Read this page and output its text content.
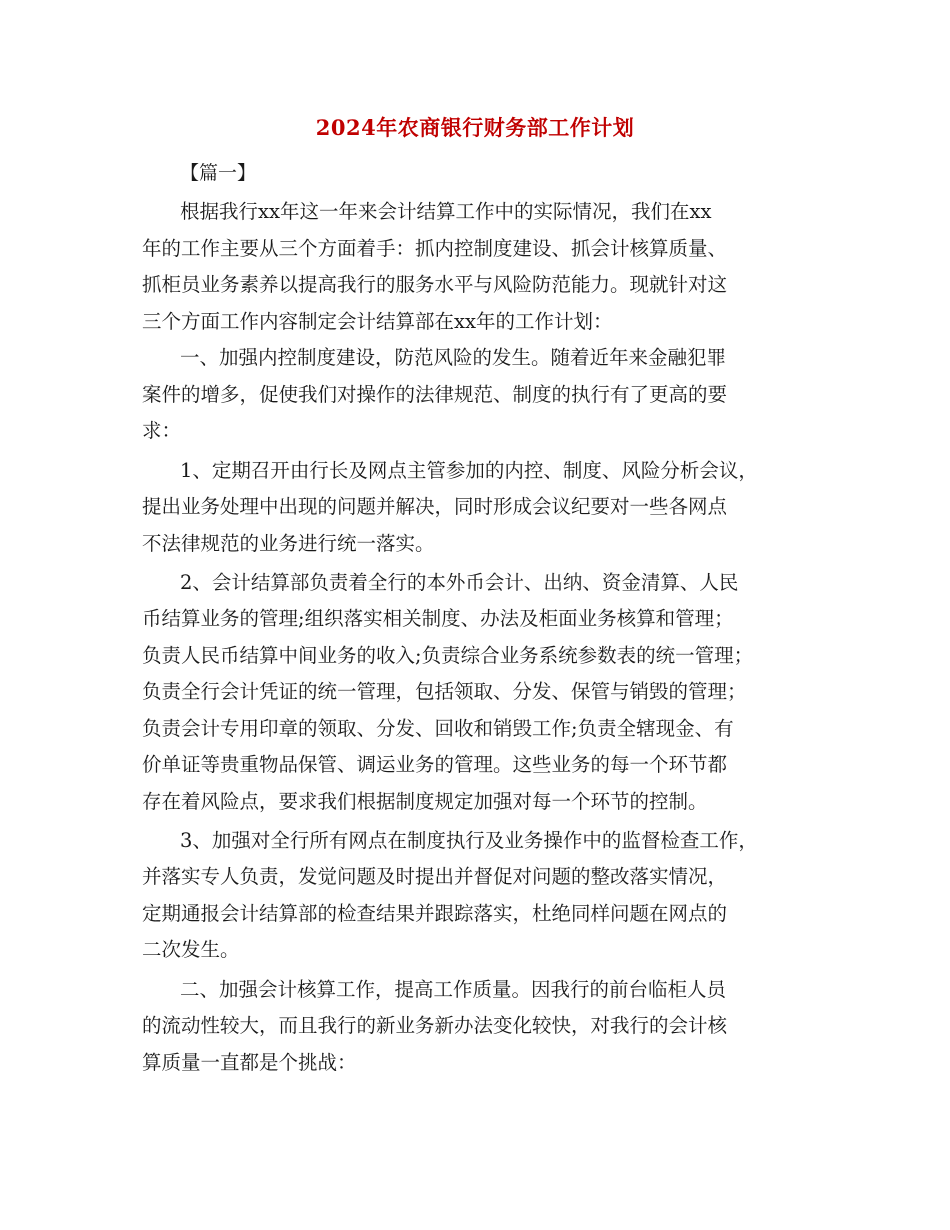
2024年农商银行财务部工作计划
【篇一】
根据我行xx年这一年来会计结算工作中的实际情况，我们在xx
年的工作主要从三个方面着手：抓内控制度建设、抓会计核算质量、
抓柜员业务素养以提高我行的服务水平与风险防范能力。现就针对这
三个方面工作内容制定会计结算部在xx年的工作计划：
一、加强内控制度建设，防范风险的发生。随着近年来金融犯罪
案件的增多，促使我们对操作的法律规范、制度的执行有了更高的要
求：
1、定期召开由行长及网点主管参加的内控、制度、风险分析会议，
提出业务处理中出现的问题并解决，同时形成会议纪要对一些各网点
不法律规范的业务进行统一落实。
2、会计结算部负责着全行的本外币会计、出纳、资金清算、人民
币结算业务的管理;组织落实相关制度、办法及柜面业务核算和管理；
负责人民币结算中间业务的收入;负责综合业务系统参数表的统一管理；
负责全行会计凭证的统一管理，包括领取、分发、保管与销毁的管理；
负责会计专用印章的领取、分发、回收和销毁工作;负责全辖现金、有
价单证等贵重物品保管、调运业务的管理。这些业务的每一个环节都
存在着风险点，要求我们根据制度规定加强对每一个环节的控制。
3、加强对全行所有网点在制度执行及业务操作中的监督检查工作，
并落实专人负责，发觉问题及时提出并督促对问题的整改落实情况，
定期通报会计结算部的检查结果并跟踪落实，杜绝同样问题在网点的
二次发生。
二、加强会计核算工作，提高工作质量。因我行的前台临柜人员
的流动性较大，而且我行的新业务新办法变化较快，对我行的会计核
算质量一直都是个挑战：
